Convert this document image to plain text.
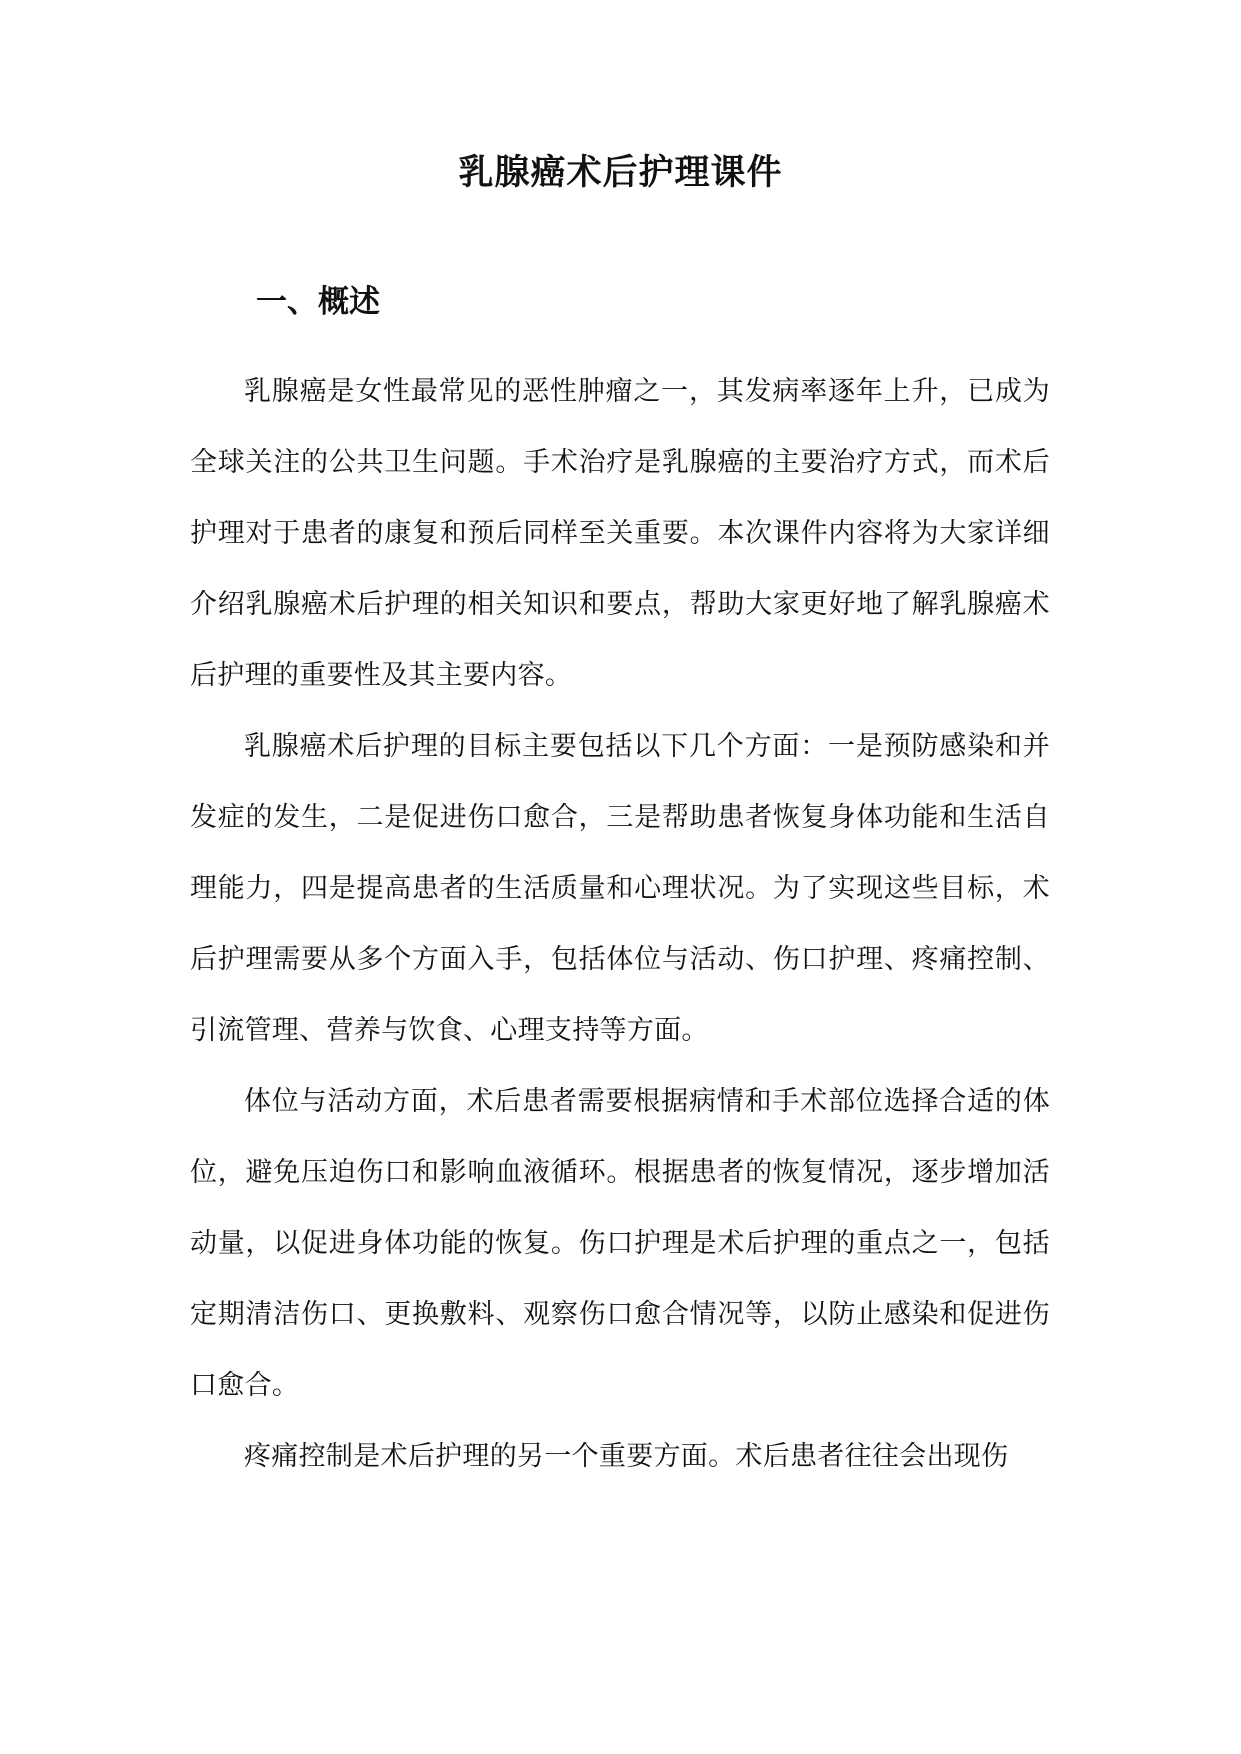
乳腺癌术后护理课件
一、概述

乳腺癌是女性最常见的恶性肿瘤之一，其发病率逐年上升，已成为全球关注的公共卫生问题。手术治疗是乳腺癌的主要治疗方式，而术后护理对于患者的康复和预后同样至关重要。本次课件内容将为大家详细介绍乳腺癌术后护理的相关知识和要点，帮助大家更好地了解乳腺癌术后护理的重要性及其主要内容。

乳腺癌术后护理的目标主要包括以下几个方面：一是预防感染和并发症的发生，二是促进伤口愈合，三是帮助患者恢复身体功能和生活自理能力，四是提高患者的生活质量和心理状况。为了实现这些目标，术后护理需要从多个方面入手，包括体位与活动、伤口护理、疼痛控制、引流管理、营养与饮食、心理支持等方面。

体位与活动方面，术后患者需要根据病情和手术部位选择合适的体位，避免压迫伤口和影响血液循环。根据患者的恢复情况，逐步增加活动量，以促进身体功能的恢复。伤口护理是术后护理的重点之一，包括定期清洁伤口、更换敷料、观察伤口愈合情况等，以防止感染和促进伤口愈合。

疼痛控制是术后护理的另一个重要方面。术后患者往往会出现伤
